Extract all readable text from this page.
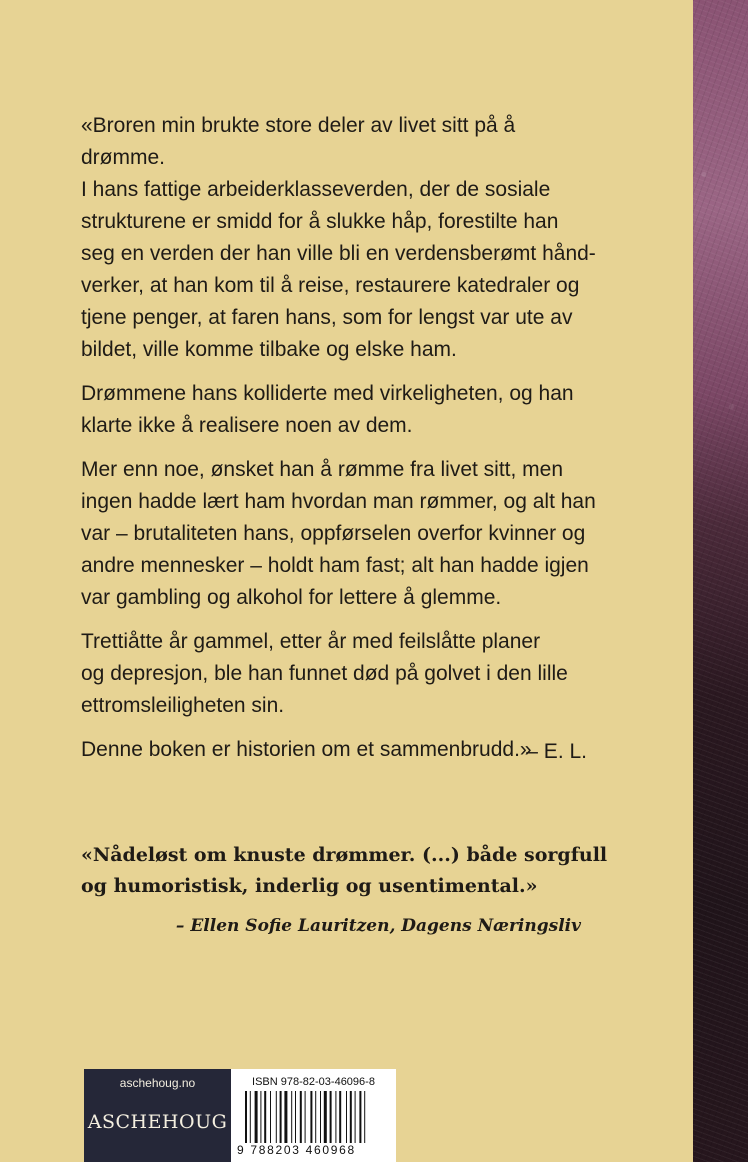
«Broren min brukte store deler av livet sitt på å drømme.
I hans fattige arbeiderklasseverden, der de sosiale
strukturene er smidd for å slukke håp, forestilte han
seg en verden der han ville bli en verdensberømt hånd-
verker, at han kom til å reise, restaurere katedraler og
tjene penger, at faren hans, som for lengst var ute av
bildet, ville komme tilbake og elske ham.

Drømmene hans kolliderte med virkeligheten, og han
klarte ikke å realisere noen av dem.

Mer enn noe, ønsket han å rømme fra livet sitt, men
ingen hadde lært ham hvordan man rømmer, og alt han
var – brutaliteten hans, oppførselen overfor kvinner og
andre mennesker – holdt ham fast; alt han hadde igjen
var gambling og alkohol for lettere å glemme.

Trettiåtte år gammel, etter år med feilslåtte planer
og depresjon, ble han funnet død på golvet i den lille
ettromsleiligheten sin.

Denne boken er historien om et sammenbrudd.»

– E. L.
«Nådeløst om knuste drømmer. (...) både sorgfull
og humoristisk, inderlig og usentimental.»
– Ellen Sofie Lauritzen, Dagens Næringsliv
aschehoug.no
ASCHEHOUG
ISBN 978-82-03-46096-8
9 788203 460968
